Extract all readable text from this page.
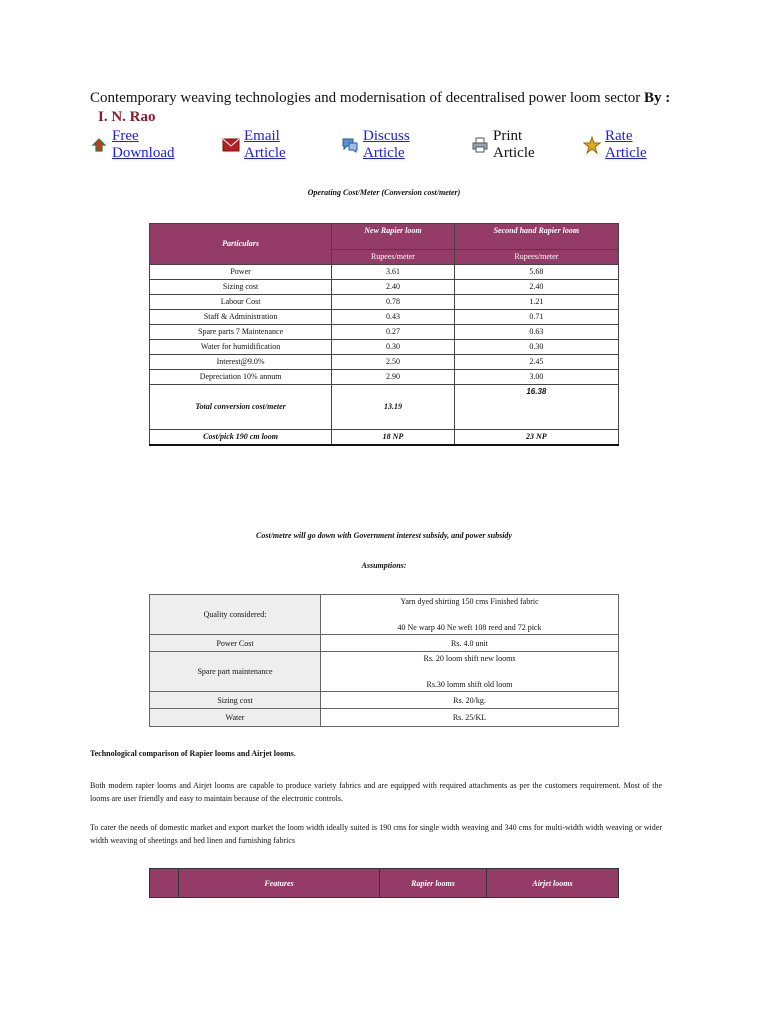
Contemporary weaving technologies and modernisation of decentralised power loom sector By :
I. N. Rao
Free
Download
Email
Article
Discuss
Article
Print
Article
Rate
Article
Operating Cost/Meter (Conversion cost/meter)
Particulars	New Rapier loom	Second hand Rapier loom
	Rupees/meter	Rupees/meter
Power	3.61	5.68
Sizing cost	2.40	2.40
Labour Cost	0.78	1.21
Staff & Administration	0.43	0.71
Spare parts 7 Maintenance	0.27	0.63
Water for humidification	0.30	0.30
Interest@9.0%	2.50	2.45
Depreciation 10% annum	2.90	3.00
Total conversion cost/meter	13.19	16.38
Cost/pick 190 cm loom	18 NP	23 NP
Cost/metre will go down with Government interest subsidy, and power subsidy
Assumptions:
Quality considered:	Yarn dyed shirting 150 cms Finished fabric

40 Ne warp 40 Ne weft 108 reed and 72 pick
Power Cost	Rs. 4.0 unit
Spare part maintenance	Rs. 20 loom shift new looms

Rs.30 lomm shift old loom
Sizing cost	Rs. 20/kg.
Water	Rs. 25/KL
Technological comparison of Rapier looms and Airjet looms.
Both modern rapier looms and Airjet looms are capable to produce variety fabrics and are equipped with required attachments as per the customers requirement. Most of the looms are user friendly and easy to maintain because of the electronic controls.
To cater the needs of domestic market and export market the loom width ideally suited is 190 cms for single width weaving and 340 cms for multi-width width weaving or wider width weaving of sheetings and bed linen and furnishing fabrics
	Features	Rapier looms	Airjet looms
